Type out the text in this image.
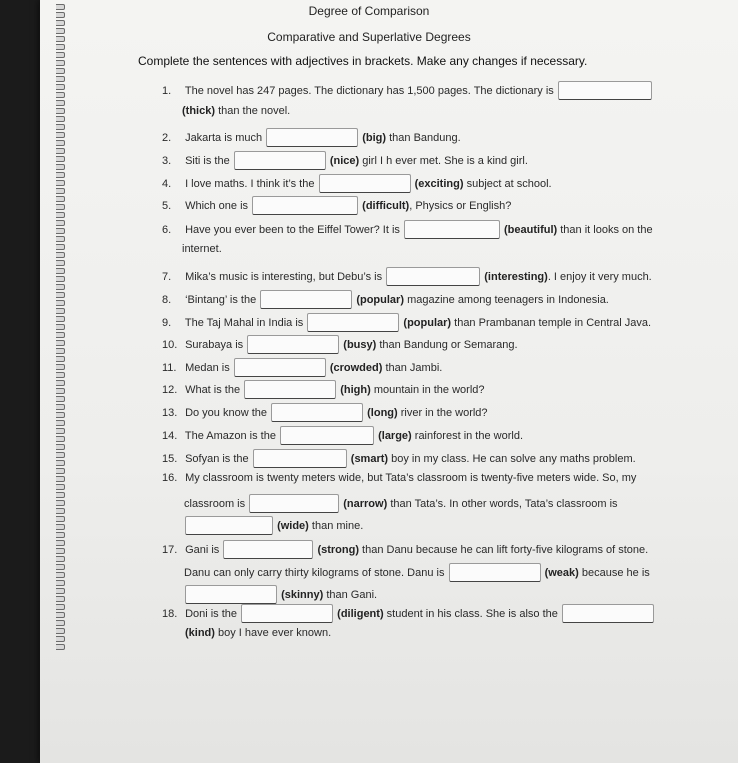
Degree of Comparison
Comparative and Superlative Degrees
Complete the sentences with adjectives in brackets. Make any changes if necessary.
1. The novel has 247 pages. The dictionary has 1,500 pages. The dictionary is
(thick) than the novel.
2. Jakarta is much	(big) than Bandung.
3. Siti is the	(nice) girl I h ever met. She is a kind girl.
4. I love maths. I think it’s the	(exciting) subject at school.
5. Which one is	(difficult), Physics or English?
6. Have you ever been to the Eiffel Tower? It is	(beautiful) than it looks on the
internet.
7. Mika’s music is interesting, but Debu’s is	(interesting). I enjoy it very much.
8. ‘Bintang’ is the	(popular) magazine among teenagers in Indonesia.
9. The Taj Mahal in India is	(popular) than Prambanan temple in Central Java.
10. Surabaya is	(busy) than Bandung or Semarang.
11. Medan is	(crowded) than Jambi.
12. What is the	(high) mountain in the world?
13. Do you know the	(long) river in the world?
14. The Amazon is the	(large) rainforest in the world.
15. Sofyan is the	(smart) boy in my class. He can solve any maths problem.
16. My classroom is twenty meters wide, but Tata’s classroom is twenty-five meters wide. So, my
classroom is	(narrow) than Tata’s. In other words, Tata’s classroom is
(wide) than mine.
17. Gani is	(strong) than Danu because he can lift forty-five kilograms of stone.
Danu can only carry thirty kilograms of stone. Danu is	(weak) because he is
(skinny) than Gani.
18. Doni is the	(diligent) student in his class. She is also the
(kind) boy I have ever known.
